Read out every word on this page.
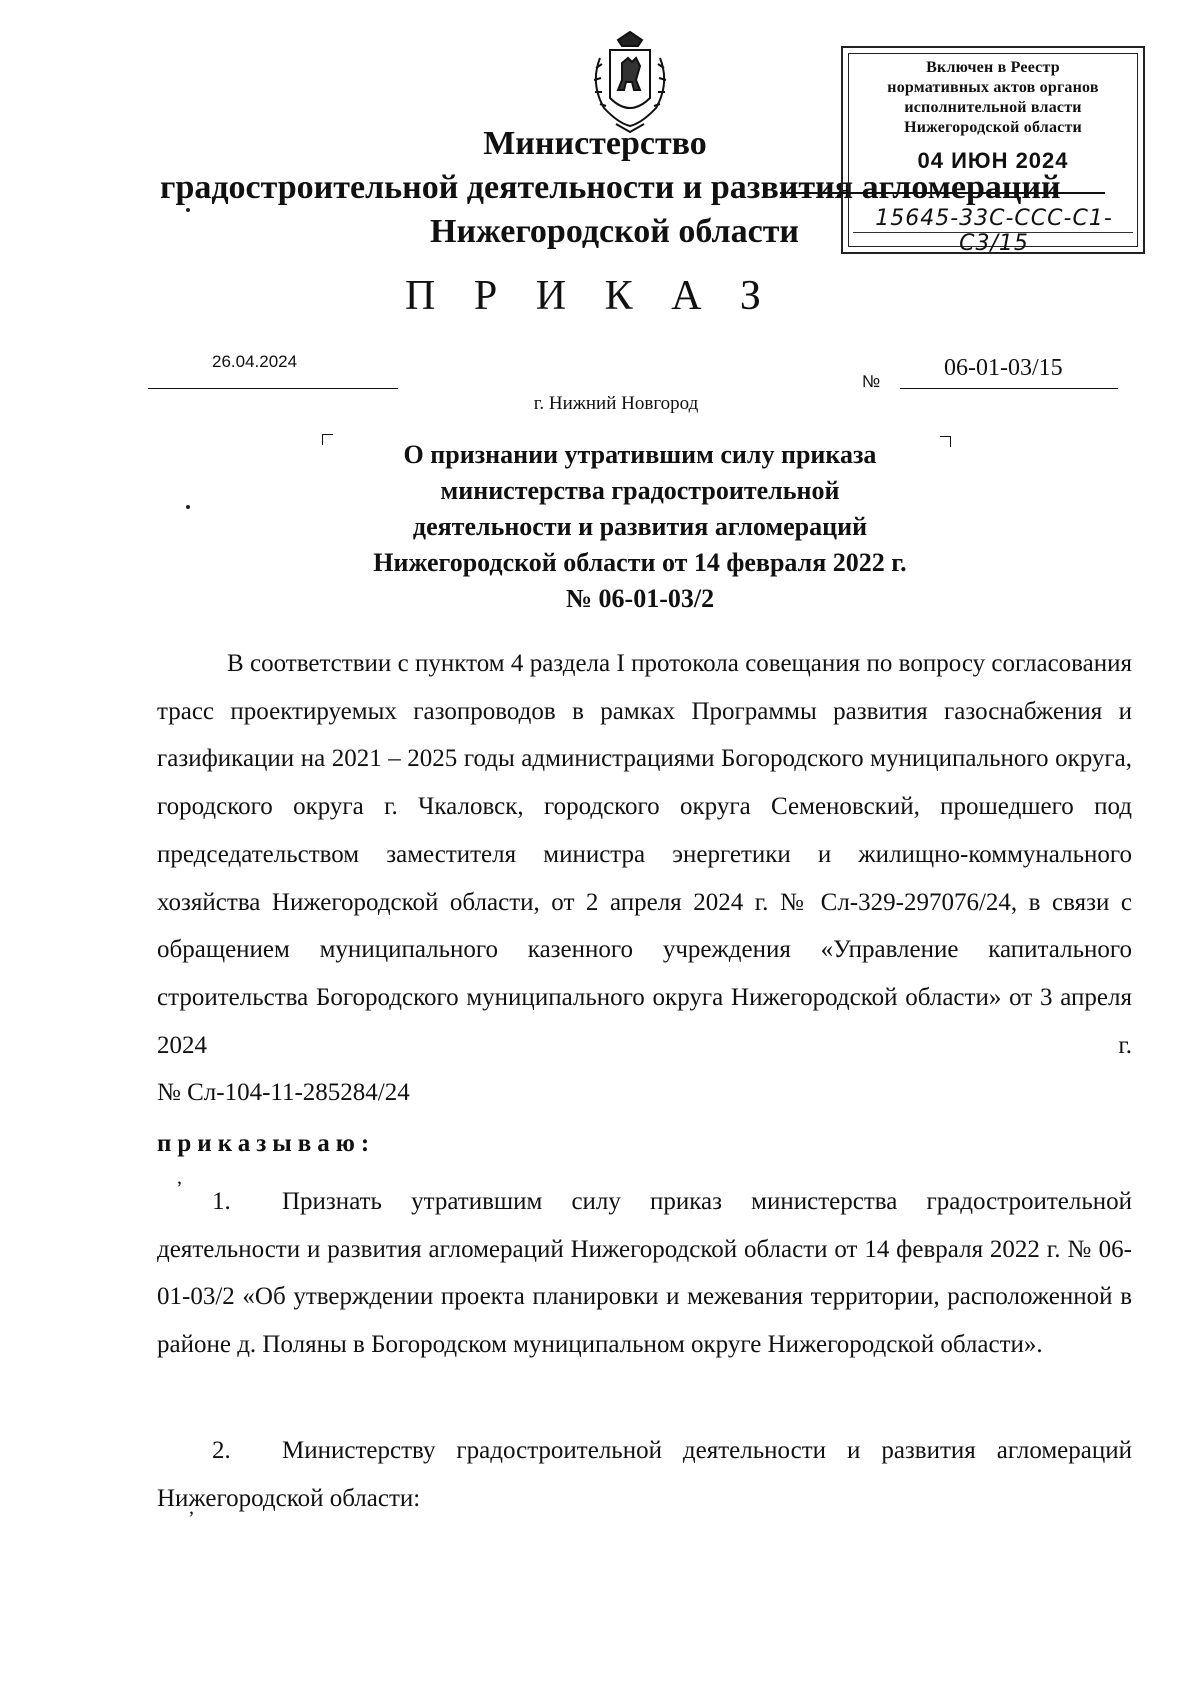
Министерство
градостроительной деятельности и развития агломераций
Нижегородской области
Включен в Реестр
нормативных актов органов
исполнительной власти
Нижегородской области
04 ИЮН 2024
15645-33C-CCC-C1-C3/15
П Р И К А З
26.04.2024
№
06-01-03/15
г. Нижний Новгород
О признании утратившим силу приказа
министерства градостроительной
деятельности и развития агломераций
Нижегородской области от 14 февраля 2022 г.
№ 06-01-03/2

В соответствии с пунктом 4 раздела I протокола совещания по вопросу согласования трасс проектируемых газопроводов в рамках Программы развития газоснабжения и газификации на 2021 – 2025 годы администрациями Богородского муниципального округа, городского округа г. Чкаловск, городского округа Семеновский, прошедшего под председательством заместителя министра энергетики и жилищно-коммунального хозяйства Нижегородской области, от 2 апреля 2024 г. № Сл-329-297076/24, в связи с обращением муниципального казенного учреждения «Управление капитального строительства Богородского муниципального округа Нижегородской области» от 3 апреля 2024 г.

№ Сл-104-11-285284/24

приказываю:
ʼ	1. Признать утратившим силу приказ министерства градостроительной деятельности и развития агломераций Нижегородской области от 14 февраля 2022 г. № 06-01-03/2 «Об утверждении проекта планировки и межевания территории, расположенной в районе д. Поляны в Богородском муниципальном округе Нижегородской области».

2. Министерству градостроительной деятельности и развития агломераций Нижегородской области:

ʼ
